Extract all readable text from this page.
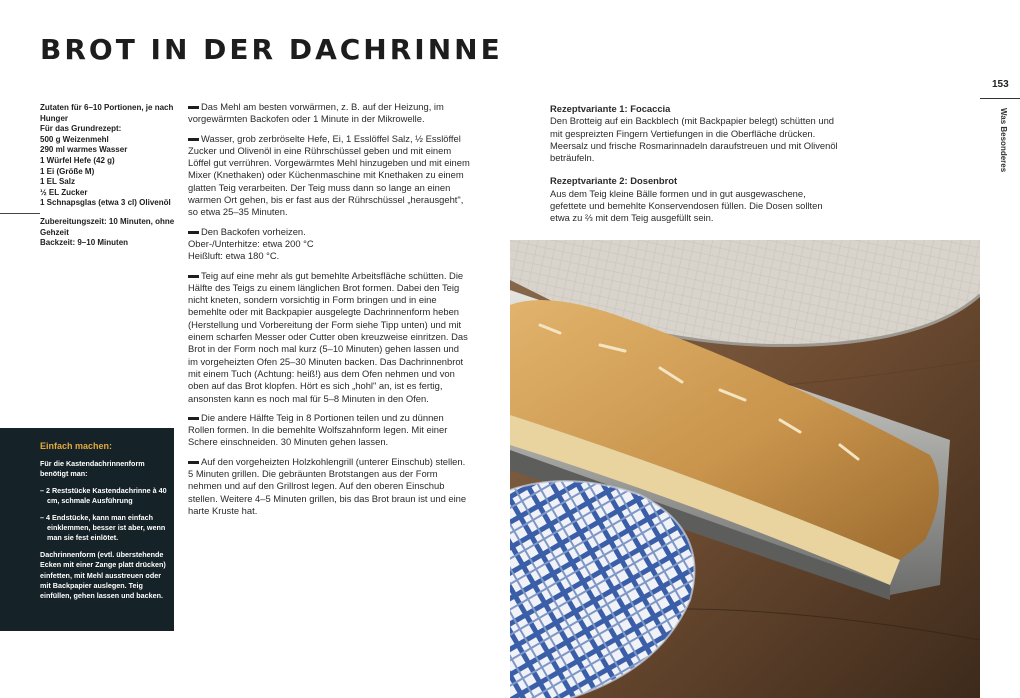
BROT IN DER DACHRINNE
153
Was Besonderes

Zutaten für 6–10 Portionen, je nach Hunger

Für das Grundrezept:

500 g Weizenmehl

290 ml warmes Wasser

1 Würfel Hefe (42 g)

1 Ei (Größe M)

1 EL Salz

½ EL Zucker

1 Schnapsglas (etwa 3 cl) Olivenöl

Zubereitungszeit: 10 Minuten, ohne Gehzeit

Backzeit: 9–10 Minuten

Einfach machen:

Für die Kastendachrinnenform benötigt man:

– 2 Reststücke Kastendachrinne à 40 cm, schmale Ausführung

– 4 Endstücke, kann man einfach einklemmen, besser ist aber, wenn man sie fest einlötet.

Dachrinnenform (evtl. überstehende Ecken mit einer Zange platt drücken) einfetten, mit Mehl ausstreuen oder mit Backpapier auslegen. Teig einfüllen, gehen lassen und backen.

Das Mehl am besten vorwärmen, z. B. auf der Heizung, im vorgewärmten Backofen oder 1 Minute in der Mikrowelle.

Wasser, grob zerbröselte Hefe, Ei, 1 Esslöffel Salz, ½ Esslöffel Zucker und Olivenöl in eine Rührschüssel geben und mit einem Löffel gut verrühren. Vorgewärmtes Mehl hinzugeben und mit einem Mixer (Knethaken) oder Küchenmaschine mit Knethaken zu einem glatten Teig verarbeiten. Der Teig muss dann so lange an einen warmen Ort gehen, bis er fast aus der Rührschüssel „herausgeht", so etwa 25–35 Minuten.

Den Backofen vorheizen.
Ober-/Unterhitze: etwa 200 °C
Heißluft: etwa 180 °C.

Teig auf eine mehr als gut bemehlte Arbeitsfläche schütten. Die Hälfte des Teigs zu einem länglichen Brot formen. Dabei den Teig nicht kneten, sondern vorsichtig in Form bringen und in eine bemehlte oder mit Backpapier ausgelegte Dachrinnenform heben (Herstellung und Vorbereitung der Form siehe Tipp unten) und mit einem scharfen Messer oder Cutter oben kreuzweise einritzen. Das Brot in der Form noch mal kurz (5–10 Minuten) gehen lassen und im vorgeheizten Ofen 25–30 Minuten backen. Das Dachrinnenbrot mit einem Tuch (Achtung: heiß!) aus dem Ofen nehmen und von oben auf das Brot klopfen. Hört es sich „hohl" an, ist es fertig, ansonsten kann es noch mal für 5–8 Minuten in den Ofen.

Die andere Hälfte Teig in 8 Portionen teilen und zu dünnen Rollen formen. In die bemehlte Wolfszahnform legen. Mit einer Schere einschneiden. 30 Minuten gehen lassen.

Auf den vorgeheizten Holzkohlengrill (unterer Einschub) stellen. 5 Minuten grillen. Die gebräunten Brotstangen aus der Form nehmen und auf den Grillrost legen. Auf den oberen Einschub stellen. Weitere 4–5 Minuten grillen, bis das Brot braun ist und eine harte Kruste hat.

Rezeptvariante 1: Focaccia

Den Brotteig auf ein Backblech (mit Backpapier belegt) schütten und mit gespreizten Fingern Vertiefungen in die Oberfläche drücken. Meersalz und frische Rosmarinnadeln daraufstreuen und mit Olivenöl beträufeln.

Rezeptvariante 2: Dosenbrot

Aus dem Teig kleine Bälle formen und in gut ausgewaschene, gefettete und bemehlte Konservendosen füllen. Die Dosen sollten etwa zu ⅔ mit dem Teig ausgefüllt sein.
